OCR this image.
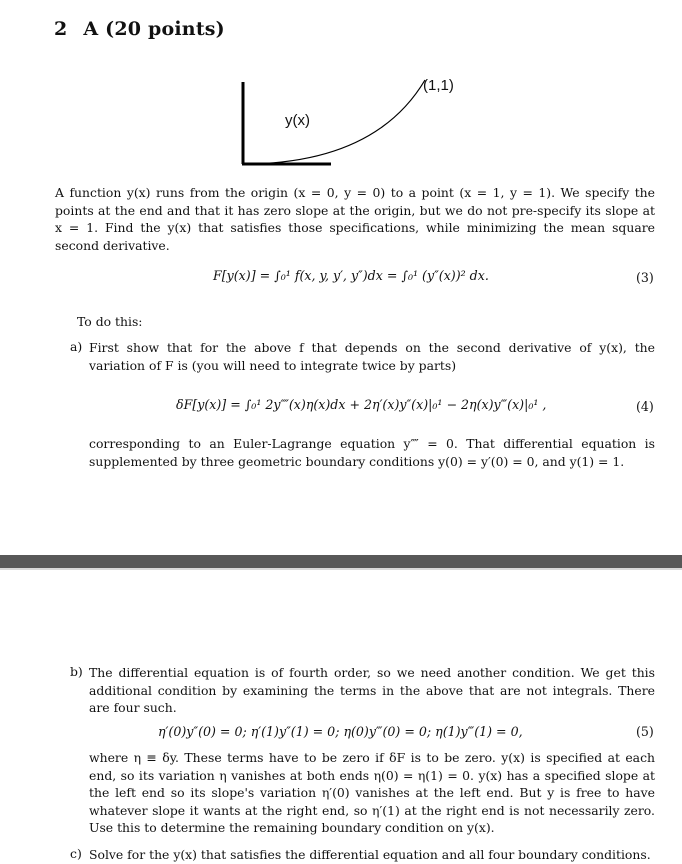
2 A (20 points)
y(x)
(1,1)
A function y(x) runs from the origin (x = 0, y = 0) to a point (x = 1, y = 1). We specify the points at the end and that it has zero slope at the origin, but we do not pre-specify its slope at x = 1. Find the y(x) that satisfies those specifications, while minimizing the mean square second derivative.
F[y(x)] = ∫₀¹ f(x, y, y′, y″)dx = ∫₀¹ (y″(x))² dx.	(3)
To do this:
a) First show that for the above f that depends on the second derivative of y(x), the variation of F is (you will need to integrate twice by parts)
δF[y(x)] = ∫₀¹ 2y⁗(x)η(x)dx + 2η′(x)y″(x)|₀¹ − 2η(x)y‴(x)|₀¹ ,	(4)
corresponding to an Euler-Lagrange equation y⁗ = 0. That differential equation is supplemented by three geometric boundary conditions y(0) = y′(0) = 0, and y(1) = 1.
b) The differential equation is of fourth order, so we need another condition. We get this additional condition by examining the terms in the above that are not integrals. There are four such.
η′(0)y″(0) = 0; η′(1)y″(1) = 0; η(0)y‴(0) = 0; η(1)y‴(1) = 0,	(5)
where η ≡ δy. These terms have to be zero if δF is to be zero. y(x) is specified at each end, so its variation η vanishes at both ends η(0) = η(1) = 0. y(x) has a specified slope at the left end so its slope's variation η′(0) vanishes at the left end. But y is free to have whatever slope it wants at the right end, so η′(1) at the right end is not necessarily zero. Use this to determine the remaining boundary condition on y(x).
c) Solve for the y(x) that satisfies the differential equation and all four boundary conditions.
